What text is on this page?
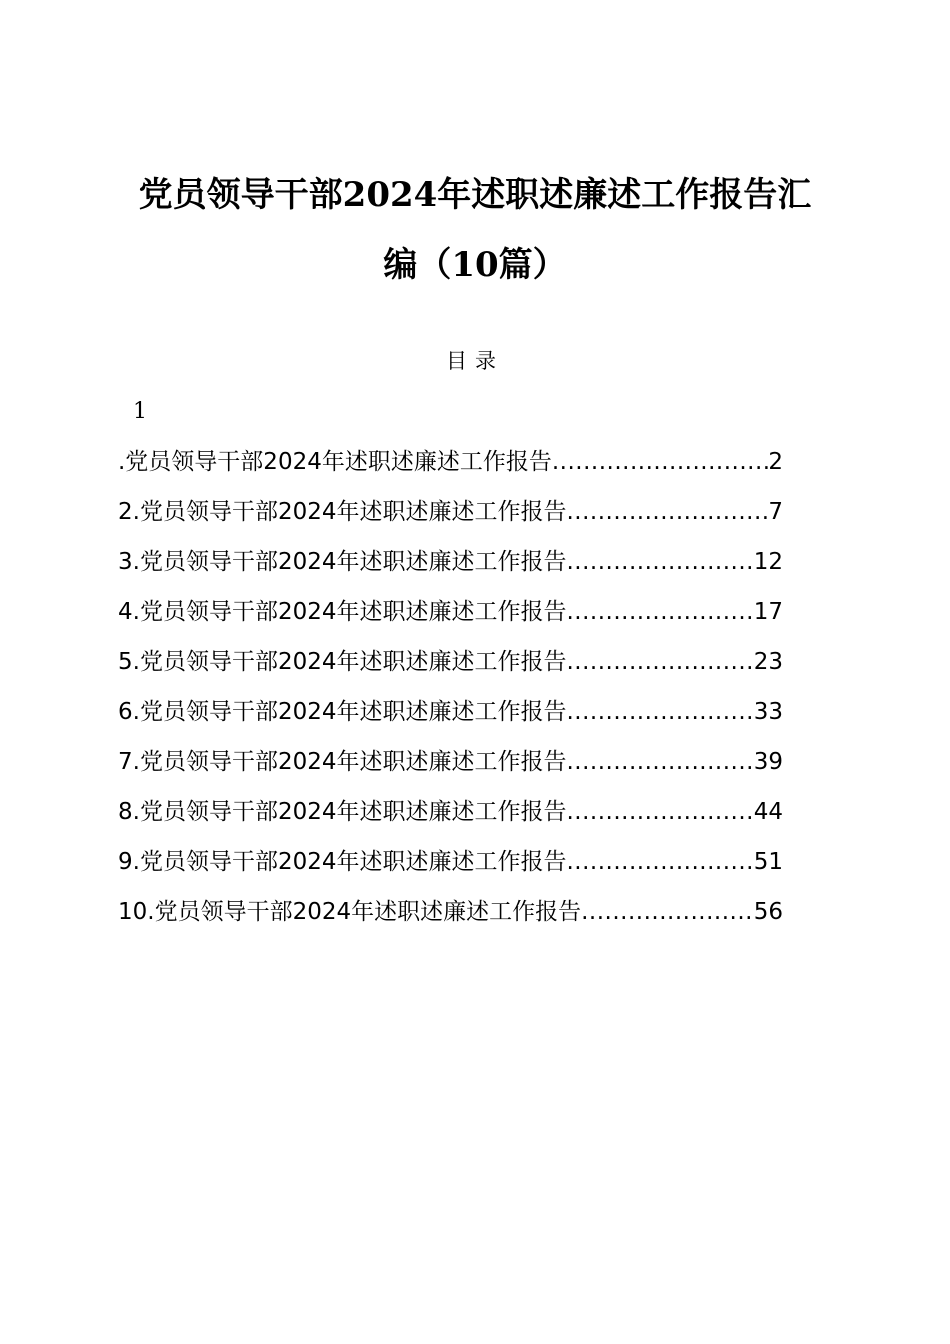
党员领导干部2024年述职述廉述工作报告汇
编（10篇）
目录
1
.党员领导干部2024年述职述廉述工作报告 .....	2
2.党员领导干部2024年述职述廉述工作报告 .....	7
3.党员领导干部2024年述职述廉述工作报告 .....	12
4.党员领导干部2024年述职述廉述工作报告 .....	17
5.党员领导干部2024年述职述廉述工作报告 .....	23
6.党员领导干部2024年述职述廉述工作报告 .....	33
7.党员领导干部2024年述职述廉述工作报告 .....	39
8.党员领导干部2024年述职述廉述工作报告 .....	44
9.党员领导干部2024年述职述廉述工作报告 .....	51
10.党员领导干部2024年述职述廉述工作报告 .....	56
